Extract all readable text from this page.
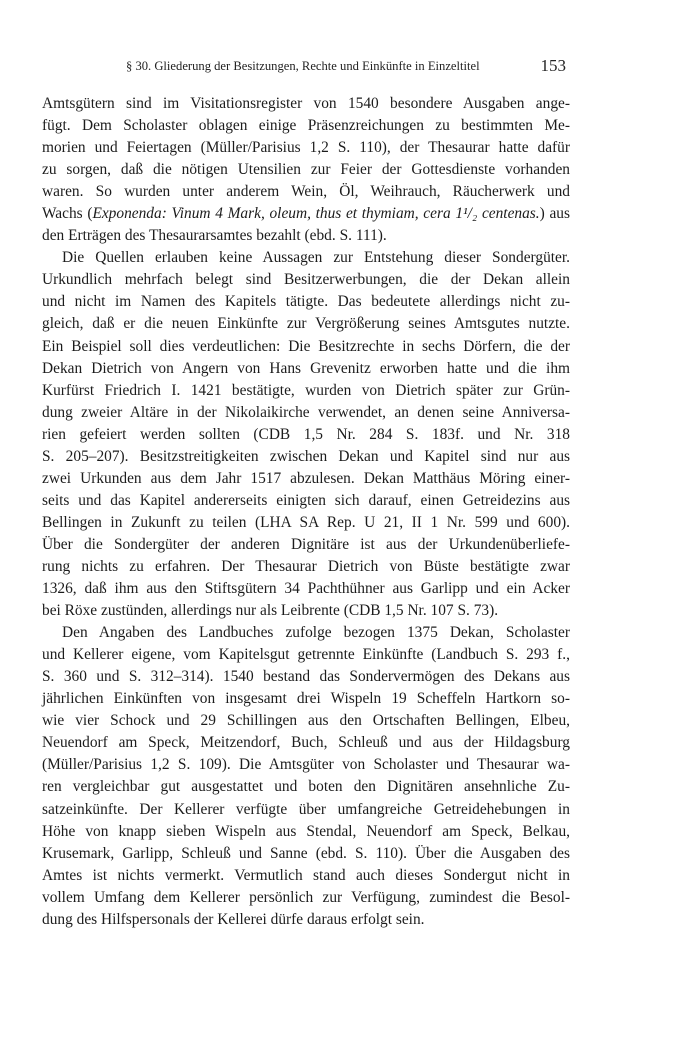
§ 30. Gliederung der Besitzungen, Rechte und Einkünfte in Einzeltitel	153

Amtsgütern sind im Visitationsregister von 1540 besondere Ausgaben ange-
fügt. Dem Scholaster oblagen einige Präsenzreichungen zu bestimmten Me-
morien und Feiertagen (Müller/Parisius 1,2 S. 110), der Thesaurar hatte dafür
zu sorgen, daß die nötigen Utensilien zur Feier der Gottesdienste vorhanden
waren. So wurden unter anderem Wein, Öl, Weihrauch, Räucherwerk und
Wachs (Exponenda: Vinum 4 Mark, oleum, thus et thymiam, cera 1¹/₂ centenas.) aus
den Erträgen des Thesaurarsamtes bezahlt (ebd. S. 111).

Die Quellen erlauben keine Aussagen zur Entstehung dieser Sondergüter.
Urkundlich mehrfach belegt sind Besitzerwerbungen, die der Dekan allein
und nicht im Namen des Kapitels tätigte. Das bedeutete allerdings nicht zu-
gleich, daß er die neuen Einkünfte zur Vergrößerung seines Amtsgutes nutzte.
Ein Beispiel soll dies verdeutlichen: Die Besitzrechte in sechs Dörfern, die der
Dekan Dietrich von Angern von Hans Grevenitz erworben hatte und die ihm
Kurfürst Friedrich I. 1421 bestätigte, wurden von Dietrich später zur Grün-
dung zweier Altäre in der Nikolaikirche verwendet, an denen seine Anniversa-
rien gefeiert werden sollten (CDB 1,5 Nr. 284 S. 183f. und Nr. 318
S. 205–207). Besitzstreitigkeiten zwischen Dekan und Kapitel sind nur aus
zwei Urkunden aus dem Jahr 1517 abzulesen. Dekan Matthäus Möring einer-
seits und das Kapitel andererseits einigten sich darauf, einen Getreidezins aus
Bellingen in Zukunft zu teilen (LHA SA Rep. U 21, II 1 Nr. 599 und 600).
Über die Sondergüter der anderen Dignitäre ist aus der Urkundenüberliefe-
rung nichts zu erfahren. Der Thesaurar Dietrich von Büste bestätigte zwar
1326, daß ihm aus den Stiftsgütern 34 Pachthühner aus Garlipp und ein Acker
bei Röxe zustünden, allerdings nur als Leibrente (CDB 1,5 Nr. 107 S. 73).

Den Angaben des Landbuches zufolge bezogen 1375 Dekan, Scholaster
und Kellerer eigene, vom Kapitelsgut getrennte Einkünfte (Landbuch S. 293 f.,
S. 360 und S. 312–314). 1540 bestand das Sondervermögen des Dekans aus
jährlichen Einkünften von insgesamt drei Wispeln 19 Scheffeln Hartkorn so-
wie vier Schock und 29 Schillingen aus den Ortschaften Bellingen, Elbeu,
Neuendorf am Speck, Meitzendorf, Buch, Schleuß und aus der Hildagsburg
(Müller/Parisius 1,2 S. 109). Die Amtsgüter von Scholaster und Thesaurar wa-
ren vergleichbar gut ausgestattet und boten den Dignitären ansehnliche Zu-
satzeinkünfte. Der Kellerer verfügte über umfangreiche Getreidehebungen in
Höhe von knapp sieben Wispeln aus Stendal, Neuendorf am Speck, Belkau,
Krusemark, Garlipp, Schleuß und Sanne (ebd. S. 110). Über die Ausgaben des
Amtes ist nichts vermerkt. Vermutlich stand auch dieses Sondergut nicht in
vollem Umfang dem Kellerer persönlich zur Verfügung, zumindest die Besol-
dung des Hilfspersonals der Kellerei dürfe daraus erfolgt sein.
